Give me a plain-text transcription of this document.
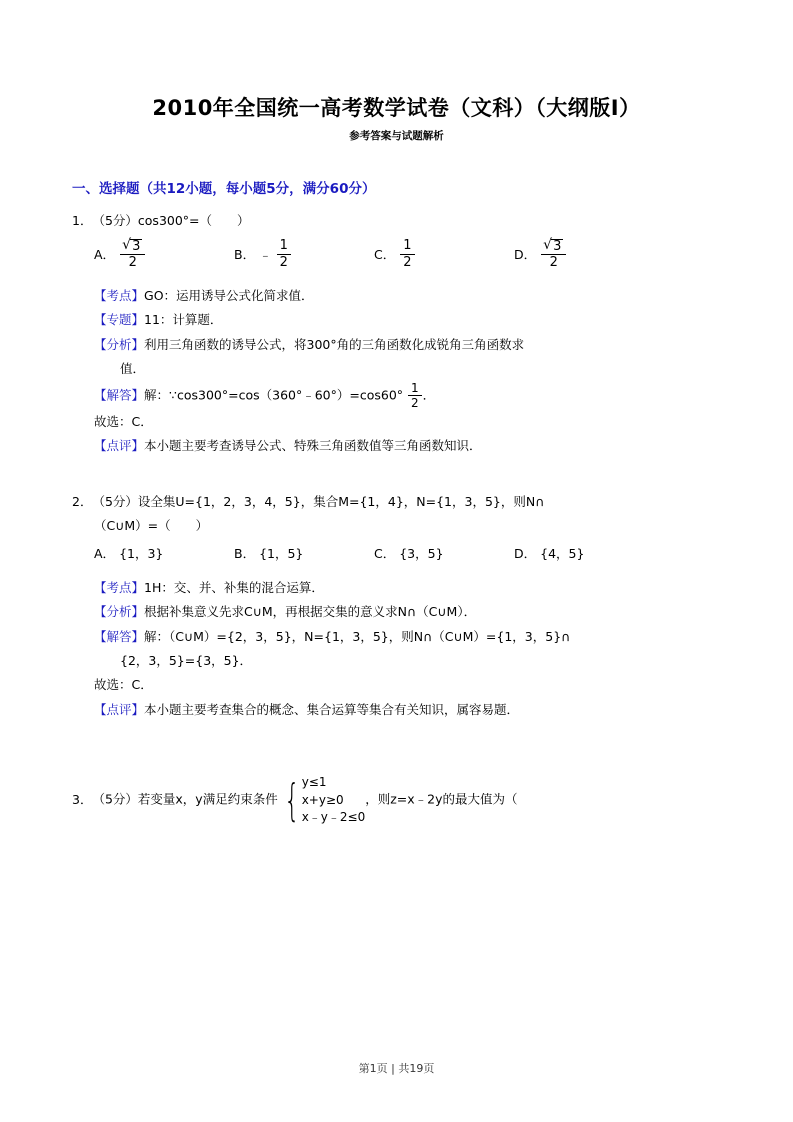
2010年全国统一高考数学试卷（文科）（大纲版Ⅰ）
参考答案与试题解析
一、选择题（共12小题，每小题5分，满分60分）
1．（5分）cos300°=（　　）
A． √ $\frac{3}{2}$	B． ﹣ $\frac{1}{2}$	C． $\frac{1}{2}$	D． √ $\frac{3}{2}$
【考点】GO：运用诱导公式化简求值．
【专题】11：计算题．
【分析】利用三角函数的诱导公式，将300°角的三角函数化成锐角三角函数求
值．
【解答】解：∵cos300°=cos（360°﹣60°）=cos60° $\frac{1}{2}$ ．
故选：C．
【点评】本小题主要考查诱导公式、特殊三角函数值等三角函数知识．
2．（5分）设全集U={1，2，3，4，5}，集合M={1，4}，N={1，3，5}，则N∩
（C∪M）=（　　）
A． {1，3}	B． {1，5}	C． {3，5}	D． {4，5}
【考点】1H：交、并、补集的混合运算．
【分析】根据补集意义先求C∪M，再根据交集的意义求N∩（C∪M）．
【解答】解：（C∪M）={2，3，5}，N={1，3，5}，则N∩（C∪M）={1，3，5}∩
{2，3，5}={3，5}．
故选：C．
【点评】本小题主要考查集合的概念、集合运算等集合有关知识，属容易题．
3．（5分）若变量x，y满足约束条件 { y≤1
x+y≥0
x﹣y﹣2≤0
，则z=x﹣2y的最大值为（
第1页 | 共19页
